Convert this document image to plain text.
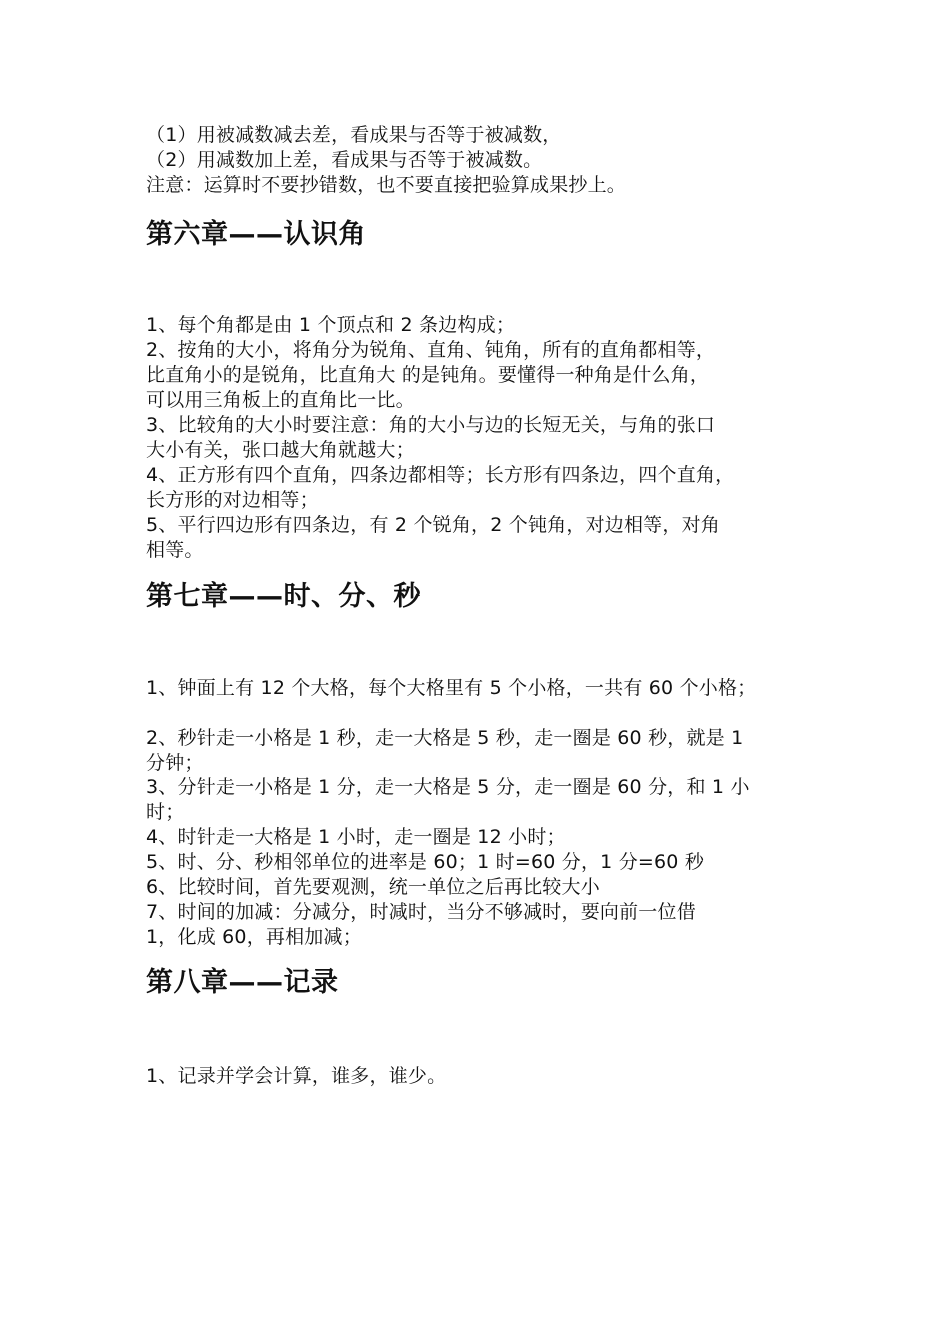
（1）用被减数减去差，看成果与否等于被减数，
（2）用减数加上差，看成果与否等于被减数。
注意：运算时不要抄错数，也不要直接把验算成果抄上。
第六章——认识角
1、每个角都是由 1 个顶点和 2 条边构成；
2、按角的大小，将角分为锐角、直角、钝角，所有的直角都相等，
比直角小的是锐角，比直角大 的是钝角。要懂得一种角是什么角，
可以用三角板上的直角比一比。
3、比较角的大小时要注意：角的大小与边的长短无关，与角的张口
大小有关，张口越大角就越大；
4、正方形有四个直角，四条边都相等；长方形有四条边，四个直角，
长方形的对边相等；
5、平行四边形有四条边，有 2 个锐角，2 个钝角，对边相等，对角
相等。
第七章——时、分、秒
1、钟面上有 12 个大格，每个大格里有 5 个小格，一共有 60 个小格；
2、秒针走一小格是 1 秒，走一大格是 5 秒，走一圈是 60 秒，就是 1
分钟；
3、分针走一小格是 1 分，走一大格是 5 分，走一圈是 60 分，和 1 小
时；
4、时针走一大格是 1 小时，走一圈是 12 小时；
5、时、分、秒相邻单位的进率是 60；1 时=60 分，1 分=60 秒
6、比较时间，首先要观测，统一单位之后再比较大小
7、时间的加减：分减分，时减时，当分不够减时，要向前一位借
1，化成 60，再相加减；
第八章——记录
1、记录并学会计算，谁多，谁少。
